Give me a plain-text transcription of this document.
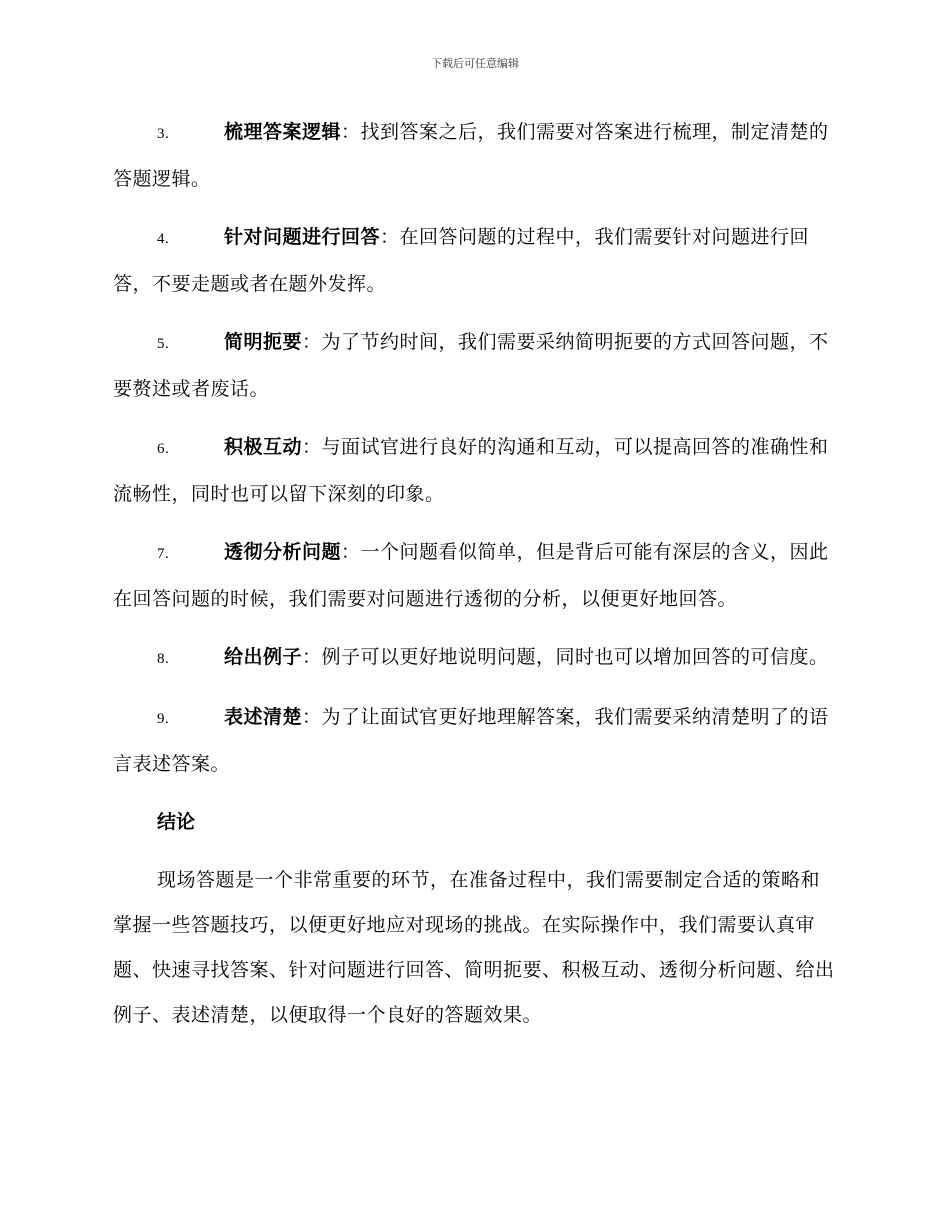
下载后可任意编辑

3.	梳理答案逻辑：找到答案之后，我们需要对答案进行梳理，制定清楚的答题逻辑。

4.	针对问题进行回答：在回答问题的过程中，我们需要针对问题进行回答，不要走题或者在题外发挥。

5.	简明扼要：为了节约时间，我们需要采纳简明扼要的方式回答问题，不要赘述或者废话。

6.	积极互动：与面试官进行良好的沟通和互动，可以提高回答的准确性和流畅性，同时也可以留下深刻的印象。

7.	透彻分析问题：一个问题看似简单，但是背后可能有深层的含义，因此在回答问题的时候，我们需要对问题进行透彻的分析，以便更好地回答。

8.	给出例子：例子可以更好地说明问题，同时也可以增加回答的可信度。

9.	表述清楚：为了让面试官更好地理解答案，我们需要采纳清楚明了的语言表述答案。

结论

现场答题是一个非常重要的环节，在准备过程中，我们需要制定合适的策略和掌握一些答题技巧，以便更好地应对现场的挑战。在实际操作中，我们需要认真审题、快速寻找答案、针对问题进行回答、简明扼要、积极互动、透彻分析问题、给出例子、表述清楚，以便取得一个良好的答题效果。
